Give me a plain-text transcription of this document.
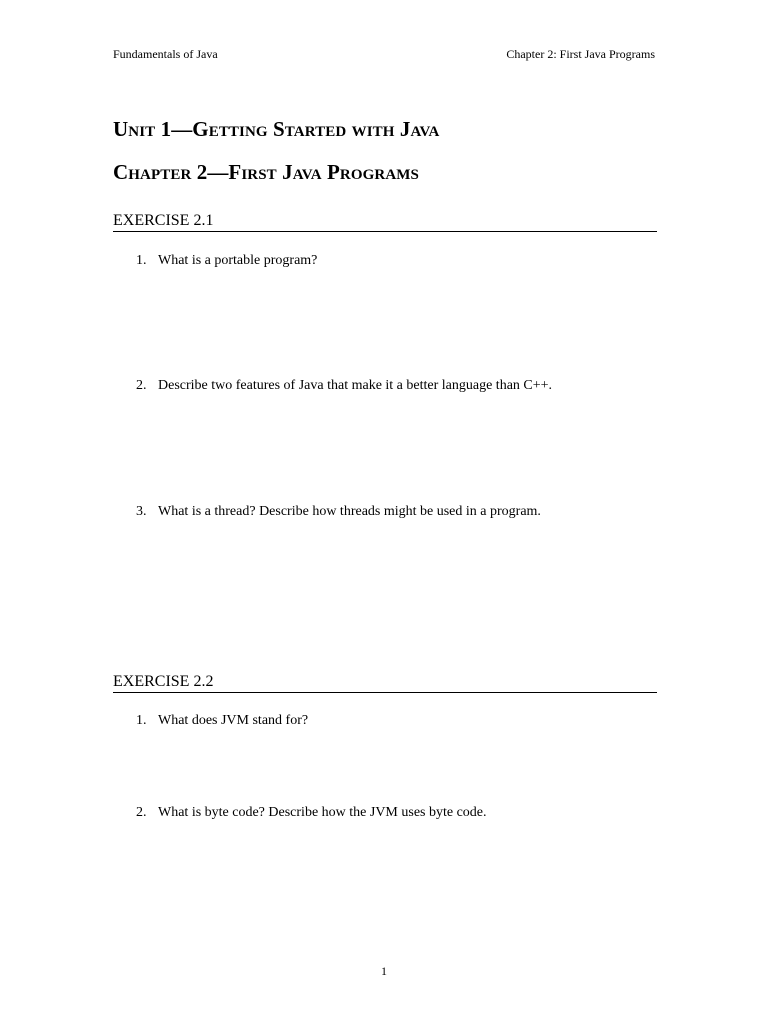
Fundamentals of Java	Chapter 2: First Java Programs
Unit 1—Getting Started with Java
Chapter 2—First Java Programs
EXERCISE 2.1
1. What is a portable program?
2. Describe two features of Java that make it a better language than C++.
3. What is a thread? Describe how threads might be used in a program.
EXERCISE 2.2
1. What does JVM stand for?
2. What is byte code? Describe how the JVM uses byte code.
1
